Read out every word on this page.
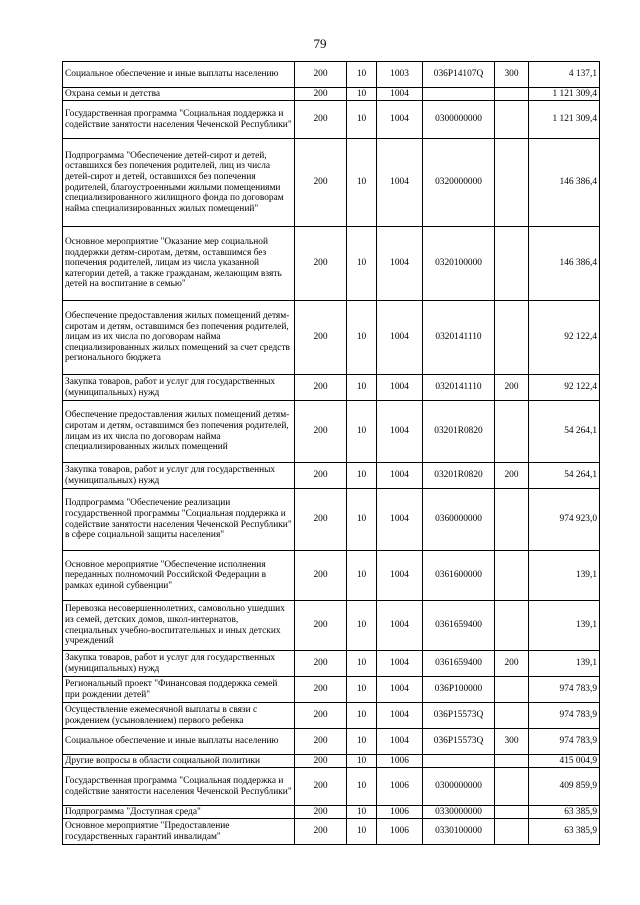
79
Социальное обеспечение и иные выплаты населению	200	10	1003	036P14107Q	300	4 137,1
Охрана семьи и детства	200	10	1004			1 121 309,4
Государственная программа "Социальная поддержка и содействие занятости населения Чеченской Республики"	200	10	1004	0300000000		1 121 309,4
Подпрограмма "Обеспечение детей-сирот и детей, оставшихся без попечения родителей, лиц из числа детей-сирот и детей, оставшихся без попечения родителей, благоустроенными жилыми помещениями специализированного жилищного фонда по договорам найма специализированных жилых помещений"	200	10	1004	0320000000		146 386,4
Основное мероприятие "Оказание мер социальной поддержки детям-сиротам, детям, оставшимся без попечения родителей, лицам из числа указанной категории детей, а также гражданам, желающим взять детей на воспитание в семью"	200	10	1004	0320100000		146 386,4
Обеспечение предоставления жилых помещений детям-сиротам и детям, оставшимся без попечения родителей, лицам из их числа по договорам найма специализированных жилых помещений за счет средств регионального бюджета	200	10	1004	0320141110		92 122,4
Закупка товаров, работ и услуг для государственных (муниципальных) нужд	200	10	1004	0320141110	200	92 122,4
Обеспечение предоставления жилых помещений детям-сиротам и детям, оставшимся без попечения родителей, лицам из их числа по договорам найма специализированных жилых помещений	200	10	1004	03201R0820		54 264,1
Закупка товаров, работ и услуг для государственных (муниципальных) нужд	200	10	1004	03201R0820	200	54 264,1
Подпрограмма "Обеспечение реализации государственной программы "Социальная поддержка и содействие занятости населения Чеченской Республики" в сфере социальной защиты населения"	200	10	1004	0360000000		974 923,0
Основное мероприятие "Обеспечение исполнения переданных полномочий Российской Федерации в рамках единой субвенции"	200	10	1004	0361600000		139,1
Перевозка несовершеннолетних, самовольно ушедших из семей, детских домов, школ-интернатов, специальных учебно-воспитательных и иных детских учреждений	200	10	1004	0361659400		139,1
Закупка товаров, работ и услуг для государственных (муниципальных) нужд	200	10	1004	0361659400	200	139,1
Региональный проект "Финансовая поддержка семей при рождении детей"	200	10	1004	036P100000		974 783,9
Осуществление ежемесячной выплаты в связи с рождением (усыновлением) первого ребенка	200	10	1004	036P15573Q		974 783,9
Социальное обеспечение и иные выплаты населению	200	10	1004	036P15573Q	300	974 783,9
Другие вопросы в области социальной политики	200	10	1006			415 004,9
Государственная программа "Социальная поддержка и содействие занятости населения Чеченской Республики"	200	10	1006	0300000000		409 859,9
Подпрограмма "Доступная среда"	200	10	1006	0330000000		63 385,9
Основное мероприятие "Предоставление государственных гарантий инвалидам"	200	10	1006	0330100000		63 385,9
